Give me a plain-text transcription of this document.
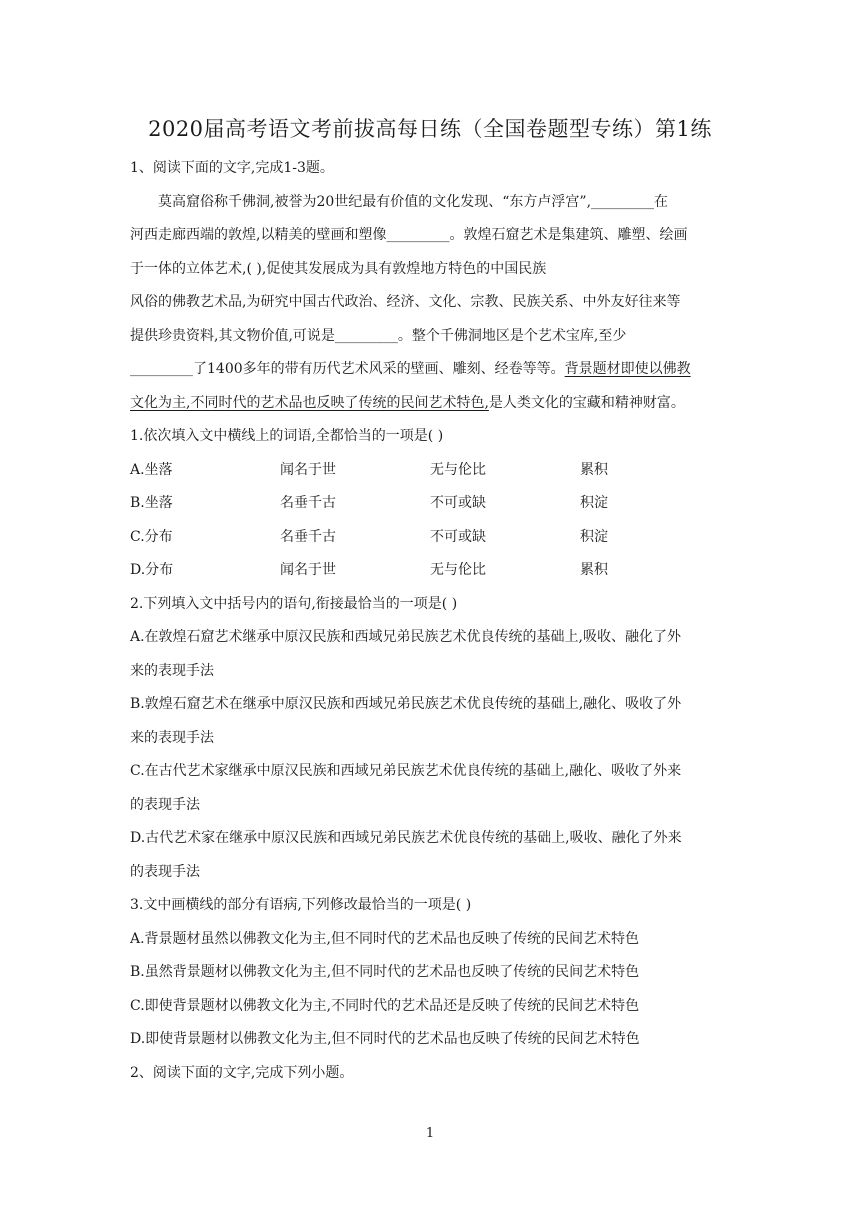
2020届高考语文考前拔高每日练（全国卷题型专练）第1练
1、阅读下面的文字,完成1-3题。
莫高窟俗称千佛洞,被誉为20世纪最有价值的文化发现、“东方卢浮宫”,_________在
河西走廊西端的敦煌,以精美的壁画和塑像_________。敦煌石窟艺术是集建筑、雕塑、绘画
于一体的立体艺术,( ),促使其发展成为具有敦煌地方特色的中国民族
风俗的佛教艺术品,为研究中国古代政治、经济、文化、宗教、民族关系、中外友好往来等
提供珍贵资料,其文物价值,可说是_________。整个千佛洞地区是个艺术宝库,至少
_________了1400多年的带有历代艺术风采的壁画、雕刻、经卷等等。背景题材即使以佛教
文化为主,不同时代的艺术品也反映了传统的民间艺术特色,是人类文化的宝藏和精神财富。
1.依次填入文中横线上的词语,全都恰当的一项是( )
A.坐落	闻名于世	无与伦比	累积
B.坐落	名垂千古	不可或缺	积淀
C.分布	名垂千古	不可或缺	积淀
D.分布	闻名于世	无与伦比	累积
2.下列填入文中括号内的语句,衔接最恰当的一项是( )
A.在敦煌石窟艺术继承中原汉民族和西域兄弟民族艺术优良传统的基础上,吸收、融化了外
来的表现手法
B.敦煌石窟艺术在继承中原汉民族和西域兄弟民族艺术优良传统的基础上,融化、吸收了外
来的表现手法
C.在古代艺术家继承中原汉民族和西域兄弟民族艺术优良传统的基础上,融化、吸收了外来
的表现手法
D.古代艺术家在继承中原汉民族和西域兄弟民族艺术优良传统的基础上,吸收、融化了外来
的表现手法
3.文中画横线的部分有语病,下列修改最恰当的一项是( )
A.背景题材虽然以佛教文化为主,但不同时代的艺术品也反映了传统的民间艺术特色
B.虽然背景题材以佛教文化为主,但不同时代的艺术品也反映了传统的民间艺术特色
C.即使背景题材以佛教文化为主,不同时代的艺术品还是反映了传统的民间艺术特色
D.即使背景题材以佛教文化为主,但不同时代的艺术品也反映了传统的民间艺术特色
2、阅读下面的文字,完成下列小题。
1
